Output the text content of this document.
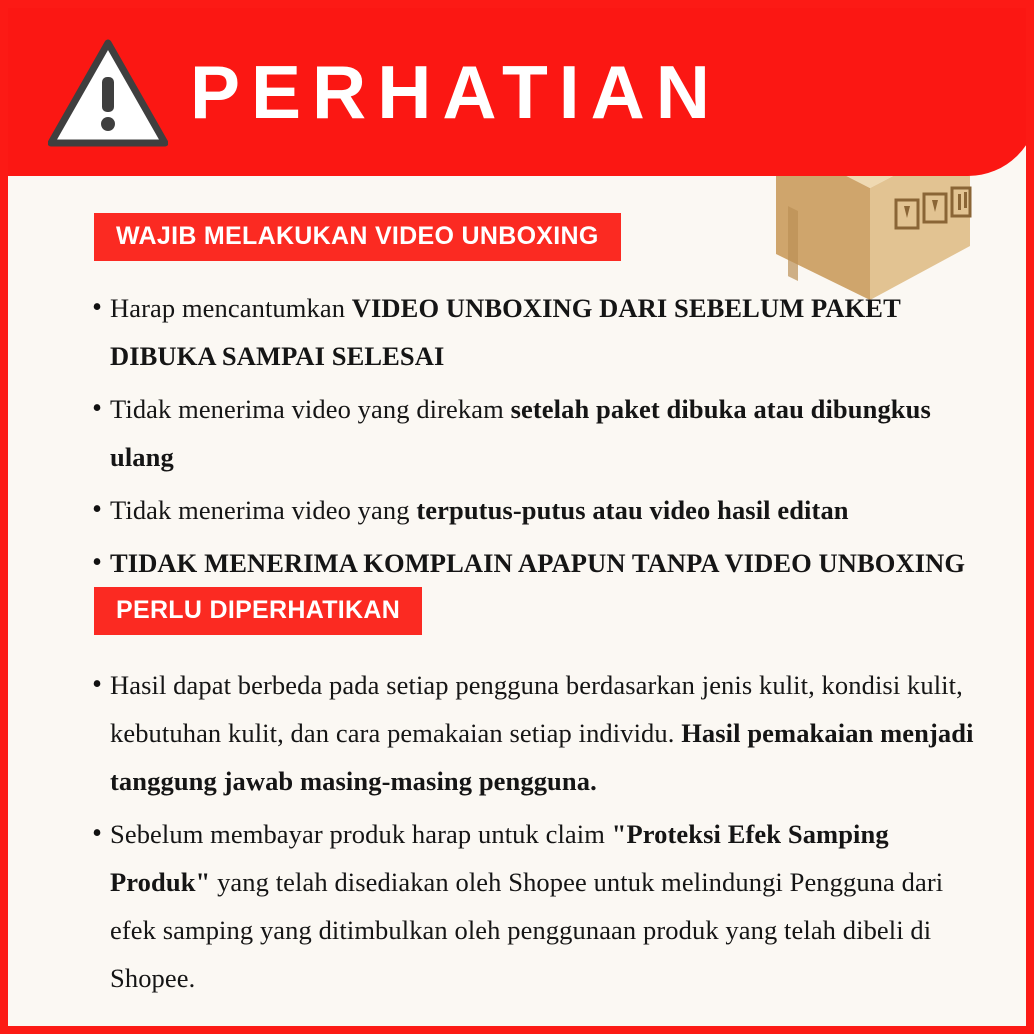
PERHATIAN
WAJIB MELAKUKAN VIDEO UNBOXING
• Harap mencantumkan VIDEO UNBOXING DARI SEBELUM PAKET DIBUKA SAMPAI SELESAI
• Tidak menerima video yang direkam setelah paket dibuka atau dibungkus ulang
• Tidak menerima video yang terputus-putus atau video hasil editan
• TIDAK MENERIMA KOMPLAIN APAPUN TANPA VIDEO UNBOXING
PERLU DIPERHATIKAN
• Hasil dapat berbeda pada setiap pengguna berdasarkan jenis kulit, kondisi kulit, kebutuhan kulit, dan cara pemakaian setiap individu. Hasil pemakaian menjadi tanggung jawab masing-masing pengguna.
• Sebelum membayar produk harap untuk claim "Proteksi Efek Samping Produk" yang telah disediakan oleh Shopee untuk melindungi Pengguna dari efek samping yang ditimbulkan oleh penggunaan produk yang telah dibeli di Shopee.
